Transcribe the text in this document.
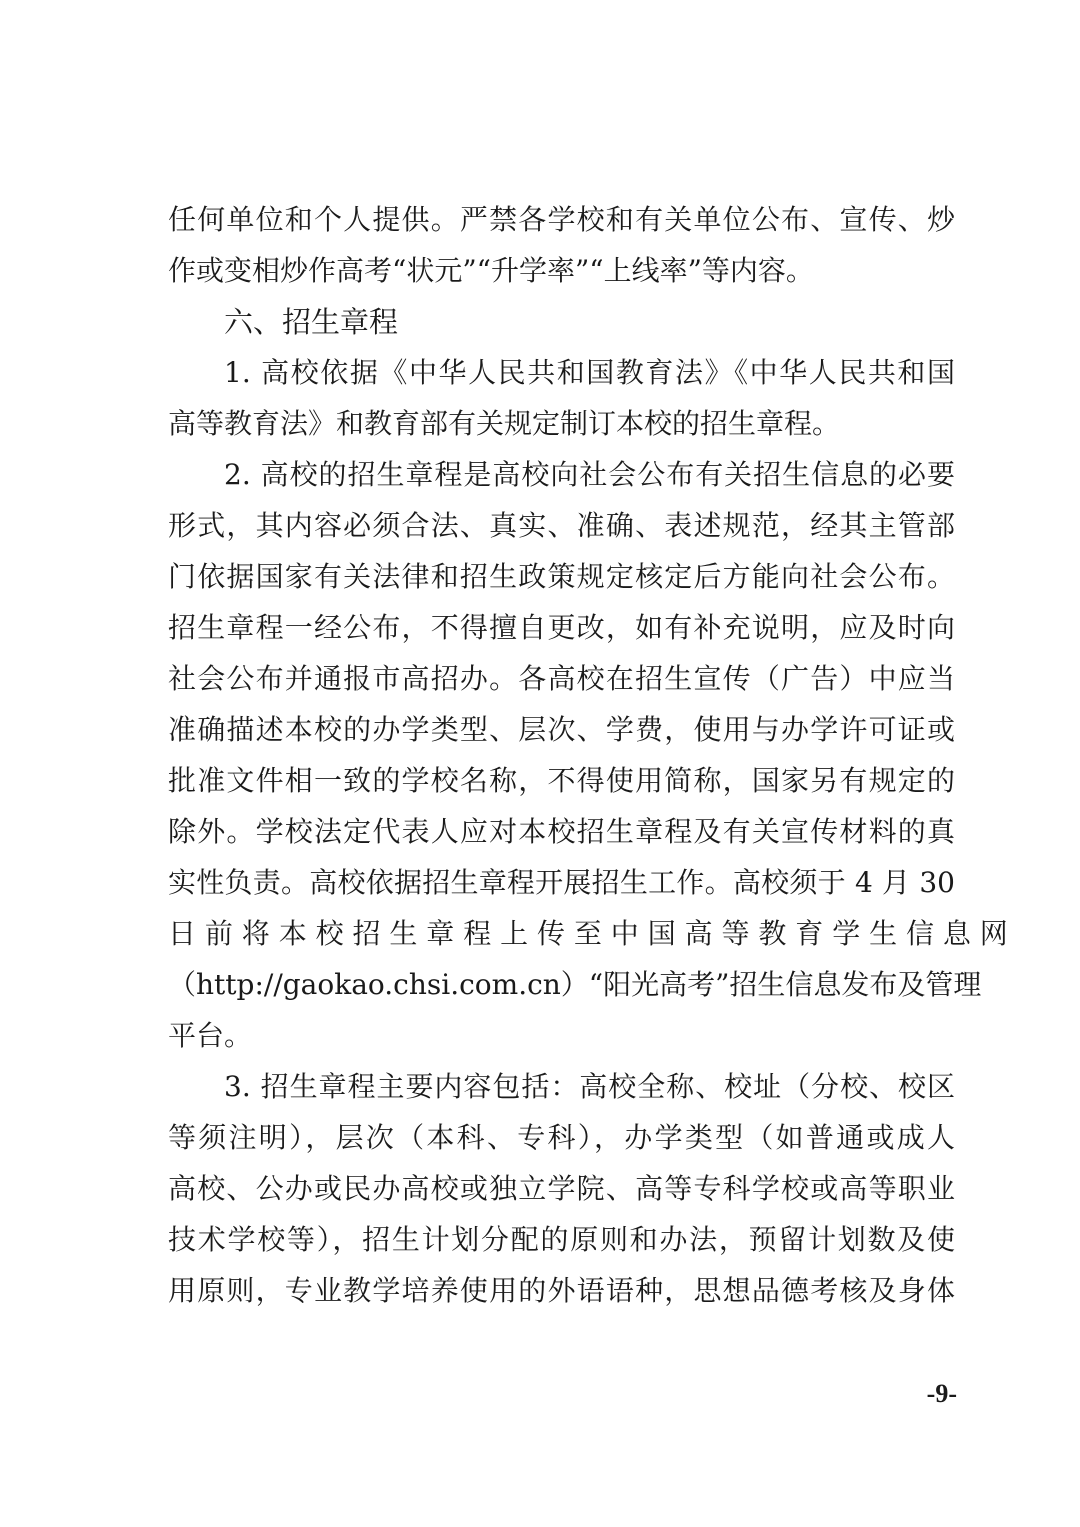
任何单位和个人提供。严禁各学校和有关单位公布、宣传、炒
作或变相炒作高考“状元”“升学率”“上线率”等内容。
六、招生章程
1. 高校依据《中华人民共和国教育法》《中华人民共和国
高等教育法》和教育部有关规定制订本校的招生章程。
2. 高校的招生章程是高校向社会公布有关招生信息的必要
形式，其内容必须合法、真实、准确、表述规范，经其主管部
门依据国家有关法律和招生政策规定核定后方能向社会公布。
招生章程一经公布，不得擅自更改，如有补充说明，应及时向
社会公布并通报市高招办。各高校在招生宣传（广告）中应当
准确描述本校的办学类型、层次、学费，使用与办学许可证或
批准文件相一致的学校名称，不得使用简称，国家另有规定的
除外。学校法定代表人应对本校招生章程及有关宣传材料的真
实性负责。高校依据招生章程开展招生工作。高校须于 4 月 30
日 前 将 本 校 招 生 章 程 上 传 至 中 国 高 等 教 育 学 生 信 息 网
（http://gaokao.chsi.com.cn）“阳光高考”招生信息发布及管理
平台。
3. 招生章程主要内容包括：高校全称、校址（分校、校区
等须注明），层次（本科、专科），办学类型（如普通或成人
高校、公办或民办高校或独立学院、高等专科学校或高等职业
技术学校等），招生计划分配的原则和办法，预留计划数及使
用原则，专业教学培养使用的外语语种，思想品德考核及身体
-9-
